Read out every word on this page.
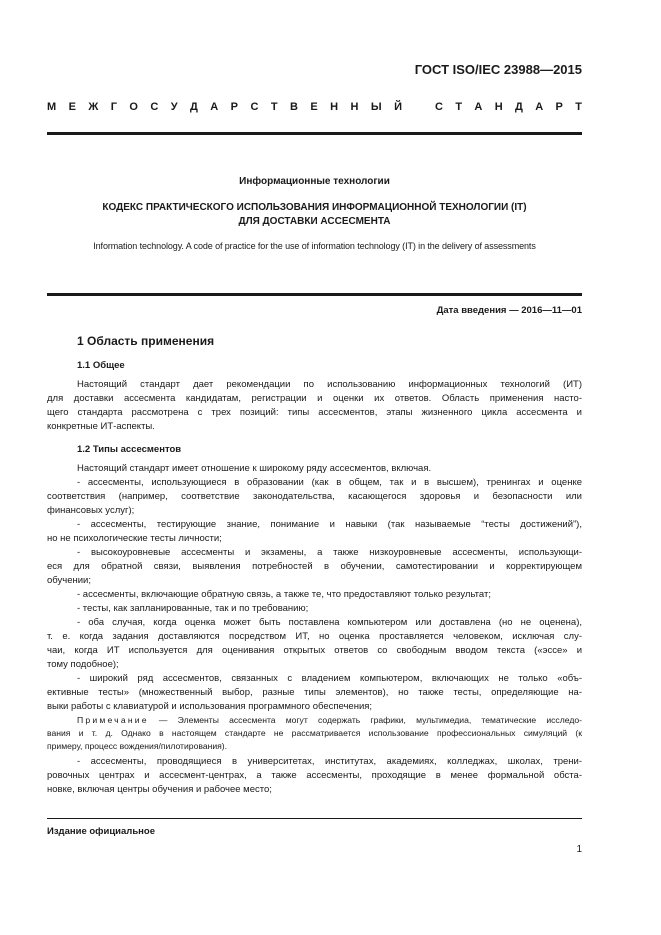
ГОСТ ISO/IEC 23988—2015
М Е Ж Г О С У Д А Р С Т В Е Н Н Ы Й	С Т А Н Д А Р Т
Информационные технологии
КОДЕКС ПРАКТИЧЕСКОГО ИСПОЛЬЗОВАНИЯ ИНФОРМАЦИОННОЙ ТЕХНОЛОГИИ (IT)
ДЛЯ ДОСТАВКИ АССЕСМЕНТА
Information technology. A code of practice for the use of information technology (IT) in the delivery of assessments
Дата введения — 2016—11—01
1 Область применения
1.1 Общее
Настоящий стандарт дает рекомендации по использованию информационных технологий (ИТ)
для доставки ассесмента кандидатам, регистрации и оценки их ответов. Область применения насто-
щего стандарта рассмотрена с трех позиций: типы ассесментов, этапы жизненного цикла ассесмента и
конкретные ИТ-аспекты.
1.2 Типы ассесментов
Настоящий стандарт имеет отношение к широкому ряду ассесментов, включая.
- ассесменты, использующиеся в образовании (как в общем, так и в высшем), тренингах и оценке
соответствия (например, соответствие законодательства, касающегося здоровья и безопасности или
финансовых услуг);
- ассесменты, тестирующие знание, понимание и навыки (так называемые “тесты достижений”),
но не психологические тесты личности;
- высокоуровневые ассесменты и экзамены, а также низкоуровневые ассесменты, использующи-
еся для обратной связи, выявления потребностей в обучении, самотестировании и корректирующем
обучении;
- ассесменты, включающие обратную связь, а также те, что предоставляют только результат;
- тесты, как запланированные, так и по требованию;
- оба случая, когда оценка может быть поставлена компьютером или доставлена (но не оценена),
т. е. когда задания доставляются посредством ИТ, но оценка проставляется человеком, исключая слу-
чаи, когда ИТ используется для оценивания открытых ответов со свободным вводом текста («эссе» и
тому подобное);
- широкий ряд ассесментов, связанных с владением компьютером, включающих не только «объ-
ективные тесты» (множественный выбор, разные типы элементов), но также тесты, определяющие на-
выки работы с клавиатурой и использования программного обеспечения;
Примечание — Элементы ассесмента могут содержать графики, мультимедиа, тематические исследо-
вания и т. д. Однако в настоящем стандарте не рассматривается использование профессиональных симуляций (к
примеру, процесс вождения/пилотирования).
- ассесменты, проводящиеся в университетах, институтах, академиях, колледжах, школах, трени-
ровочных центрах и ассесмент-центрах, а также ассесменты, проходящие в менее формальной обста-
новке, включая центры обучения и рабочее место;
Издание официальное
1
